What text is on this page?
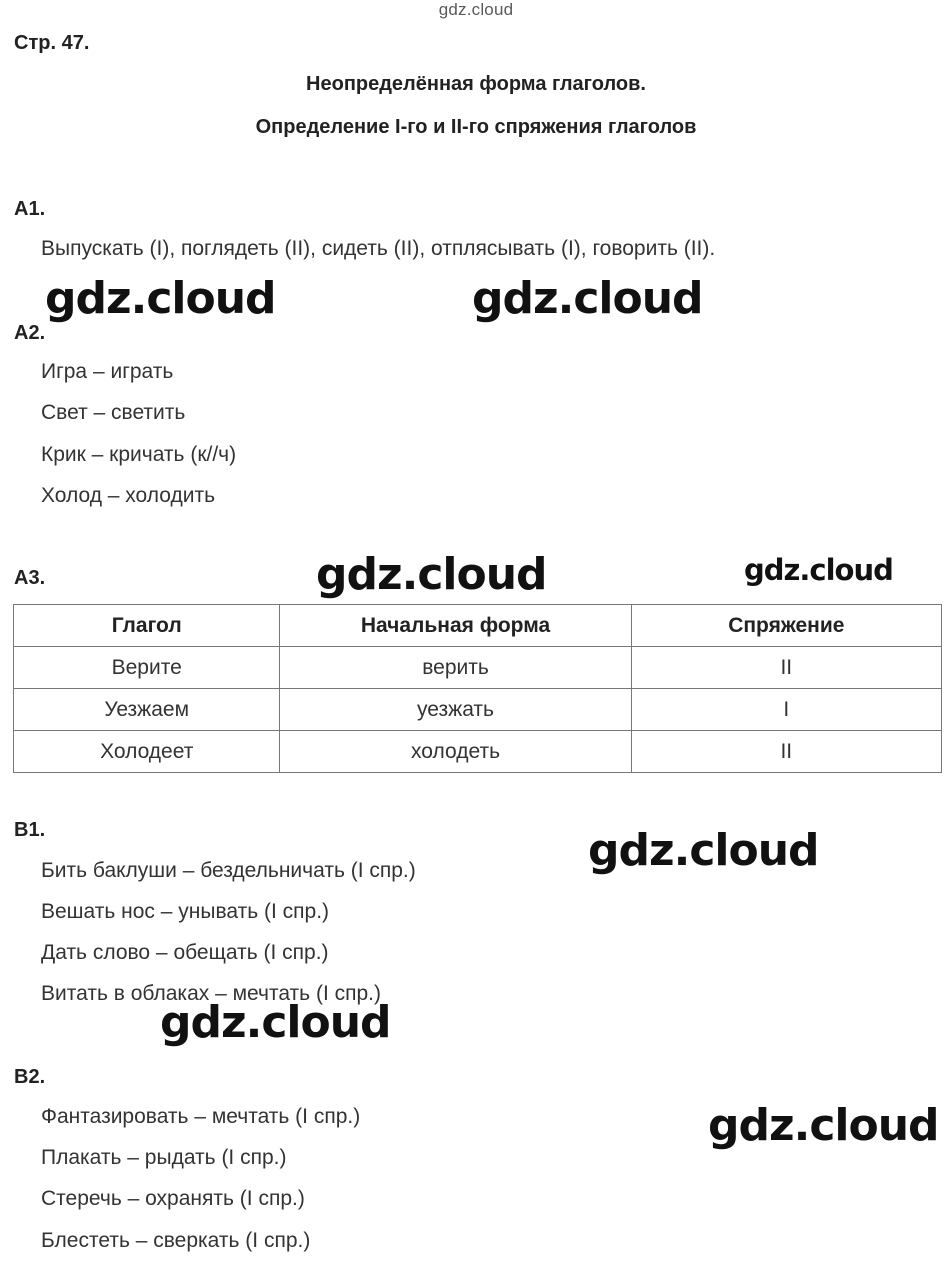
gdz.cloud
Стр. 47.
Неопределённая форма глаголов.
Определение I-го и II-го спряжения глаголов
А1.
Выпускать (I), поглядеть (II), сидеть (II), отплясывать (I), говорить (II).
А2.
Игра – играть
Свет – светить
Крик – кричать (к//ч)
Холод – холодить
А3.
Глагол	Начальная форма	Спряжение
Верите	верить	II
Уезжаем	уезжать	I
Холодеет	холодеть	II
В1.
Бить баклуши – бездельничать (I спр.)
Вешать нос – унывать (I спр.)
Дать слово – обещать (I спр.)
Витать в облаках – мечтать (I спр.)
В2.
Фантазировать – мечтать (I спр.)
Плакать – рыдать (I спр.)
Стеречь – охранять (I спр.)
Блестеть – сверкать (I спр.)
gdz.cloud	gdz.cloud
gdz.cloud	gdz.cloud
gdz.cloud
gdz.cloud
gdz.cloud
